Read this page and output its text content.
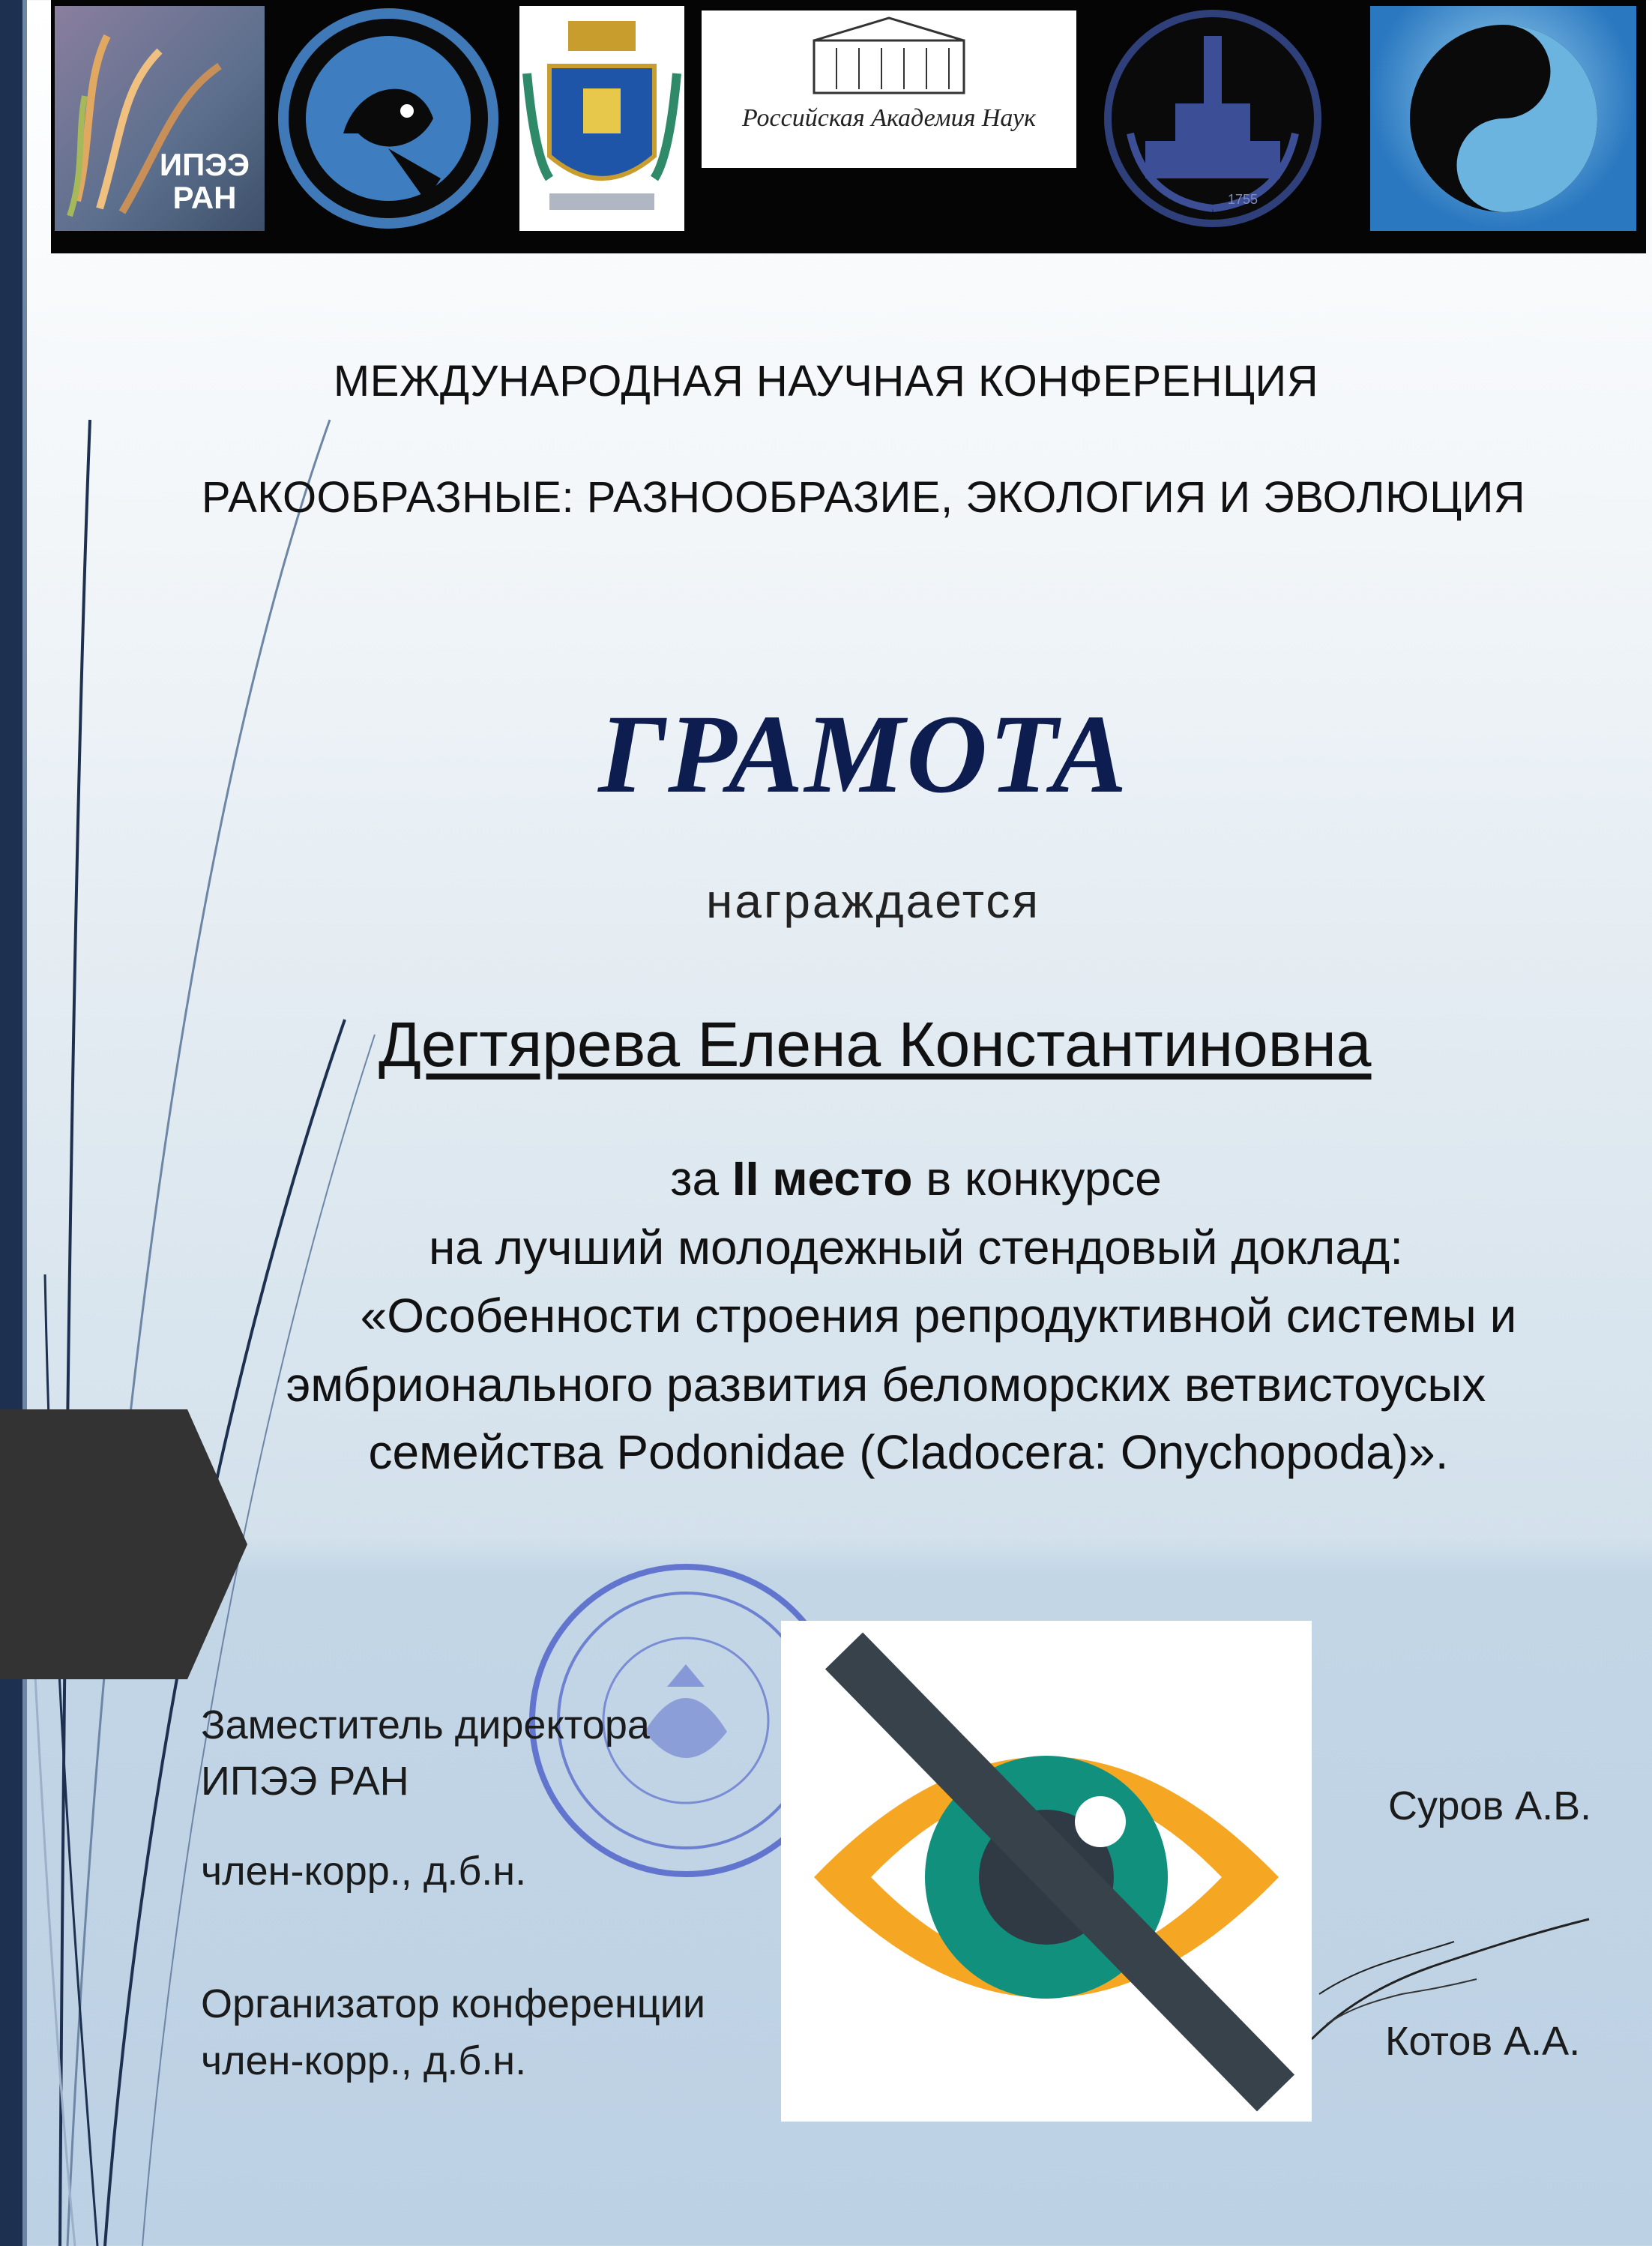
ИПЭЭ
РАН
Российская Академия Наук
1755
МЕЖДУНАРОДНАЯ НАУЧНАЯ КОНФЕРЕНЦИЯ
РАКООБРАЗНЫЕ: РАЗНООБРАЗИЕ, ЭКОЛОГИЯ И ЭВОЛЮЦИЯ
ГРАМОТА
награждается
Дегтярева Елена Константиновна
за II место в конкурсе
на лучший молодежный стендовый доклад:
«Особенности строения репродуктивной системы и
эмбрионального развития беломорских ветвистоусых
семейства Podonidae (Cladocera: Onychopoda)».
Заместитель директора
ИПЭЭ РАН
член-корр., д.б.н.
Суров А.В.
Организатор конференции
член-корр., д.б.н.	Котов А.А.
